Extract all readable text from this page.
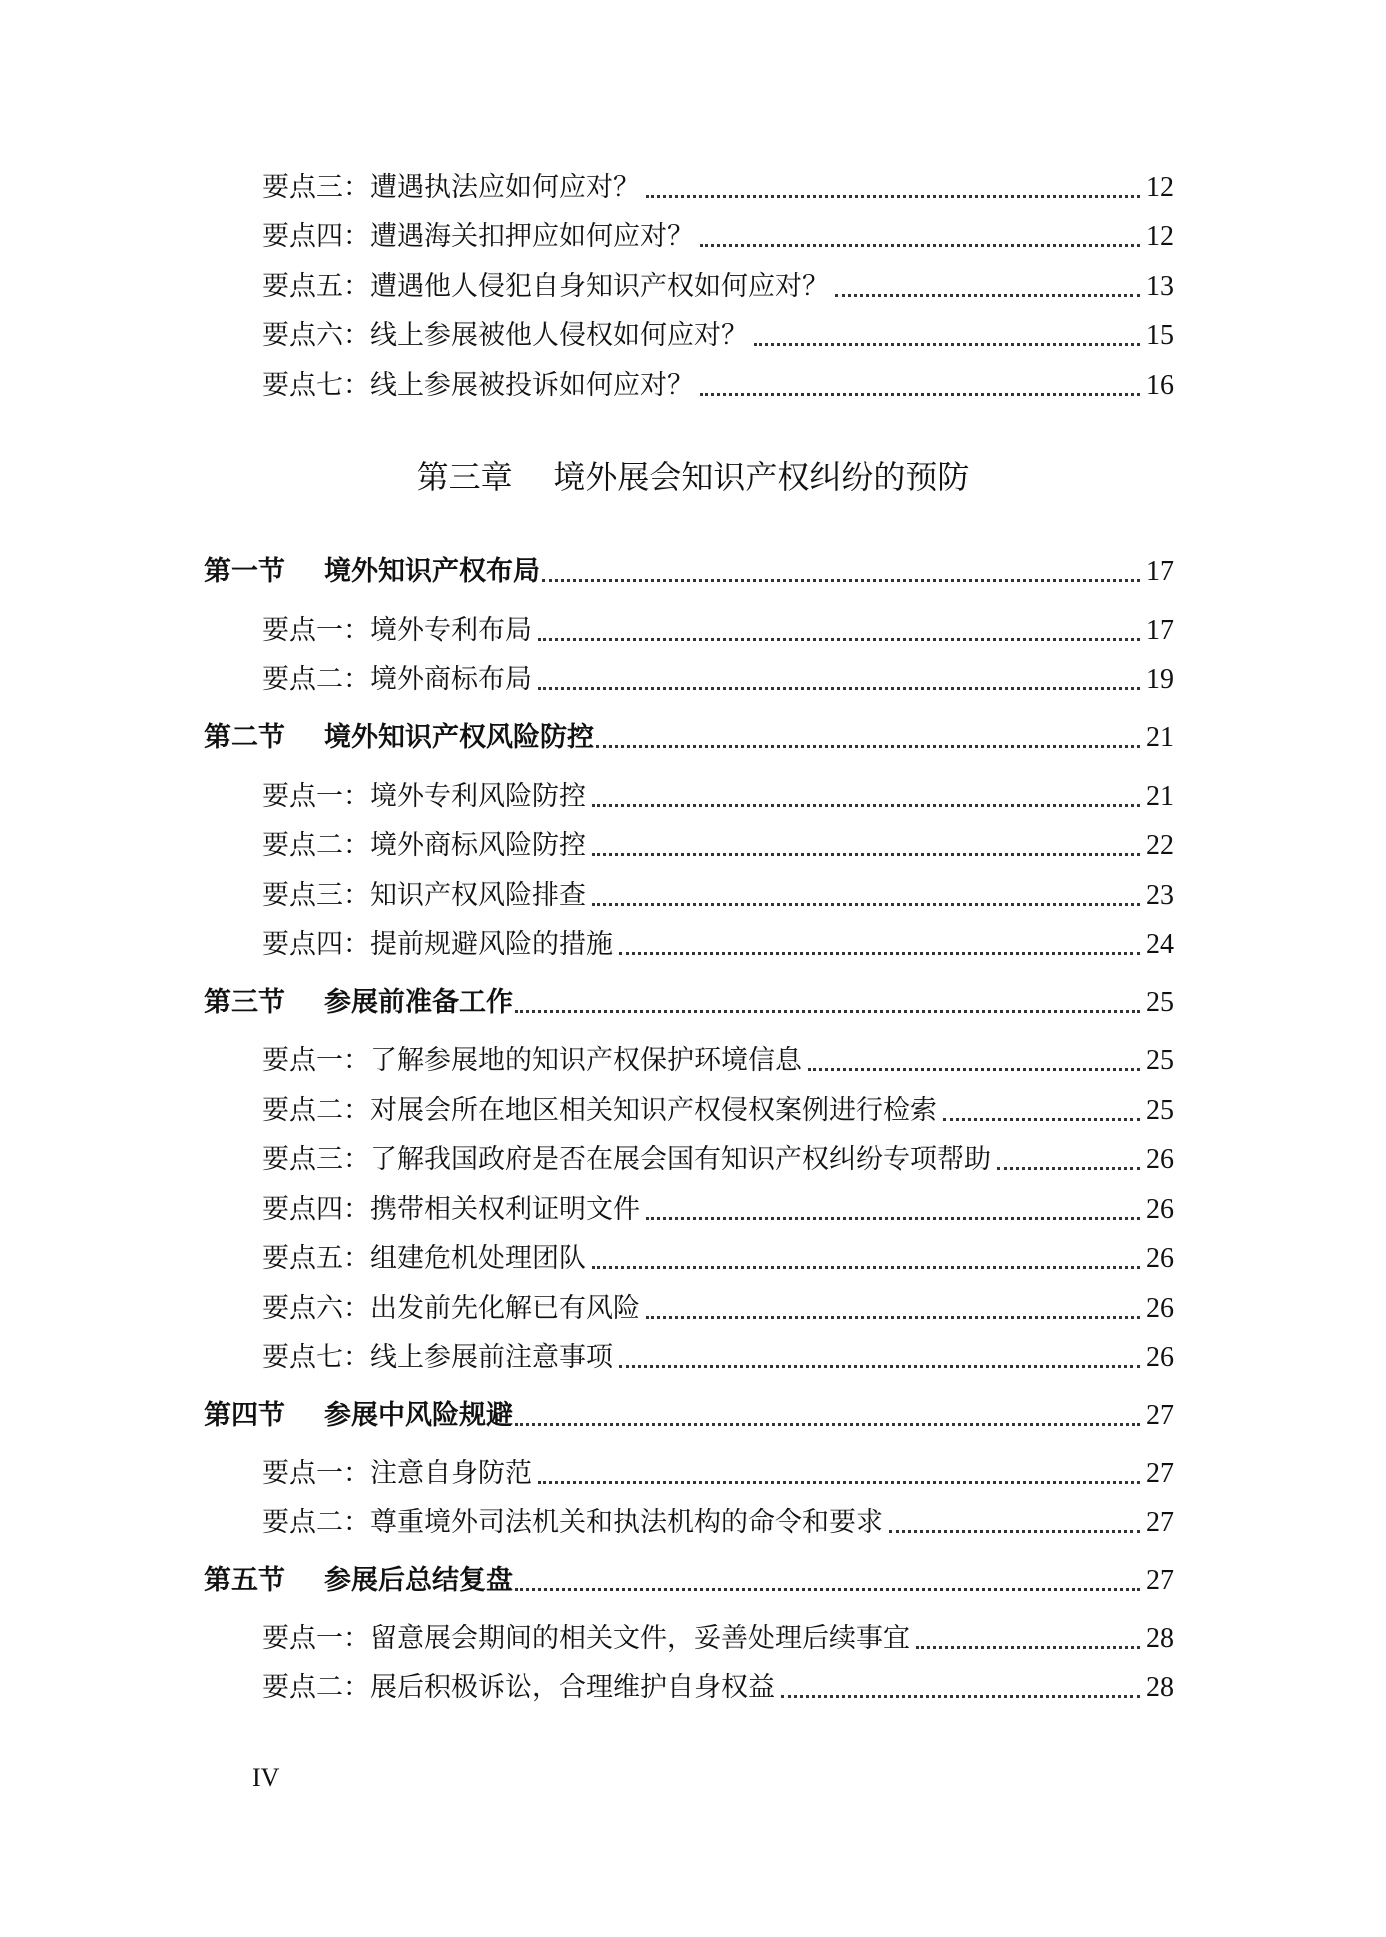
要点三：遭遇执法应如何应对？	12
要点四：遭遇海关扣押应如何应对？	12
要点五：遭遇他人侵犯自身知识产权如何应对？	13
要点六：线上参展被他人侵权如何应对？	15
要点七：线上参展被投诉如何应对？	16
第三章 境外展会知识产权纠纷的预防
第一节 境外知识产权布局	17
要点一：境外专利布局	17
要点二：境外商标布局	19
第二节 境外知识产权风险防控	21
要点一：境外专利风险防控	21
要点二：境外商标风险防控	22
要点三：知识产权风险排查	23
要点四：提前规避风险的措施	24
第三节 参展前准备工作	25
要点一：了解参展地的知识产权保护环境信息	25
要点二：对展会所在地区相关知识产权侵权案例进行检索	25
要点三：了解我国政府是否在展会国有知识产权纠纷专项帮助	26
要点四：携带相关权利证明文件	26
要点五：组建危机处理团队	26
要点六：出发前先化解已有风险	26
要点七：线上参展前注意事项	26
第四节 参展中风险规避	27
要点一：注意自身防范	27
要点二：尊重境外司法机关和执法机构的命令和要求	27
第五节 参展后总结复盘	27
要点一：留意展会期间的相关文件，妥善处理后续事宜	28
要点二：展后积极诉讼，合理维护自身权益	28
IV
